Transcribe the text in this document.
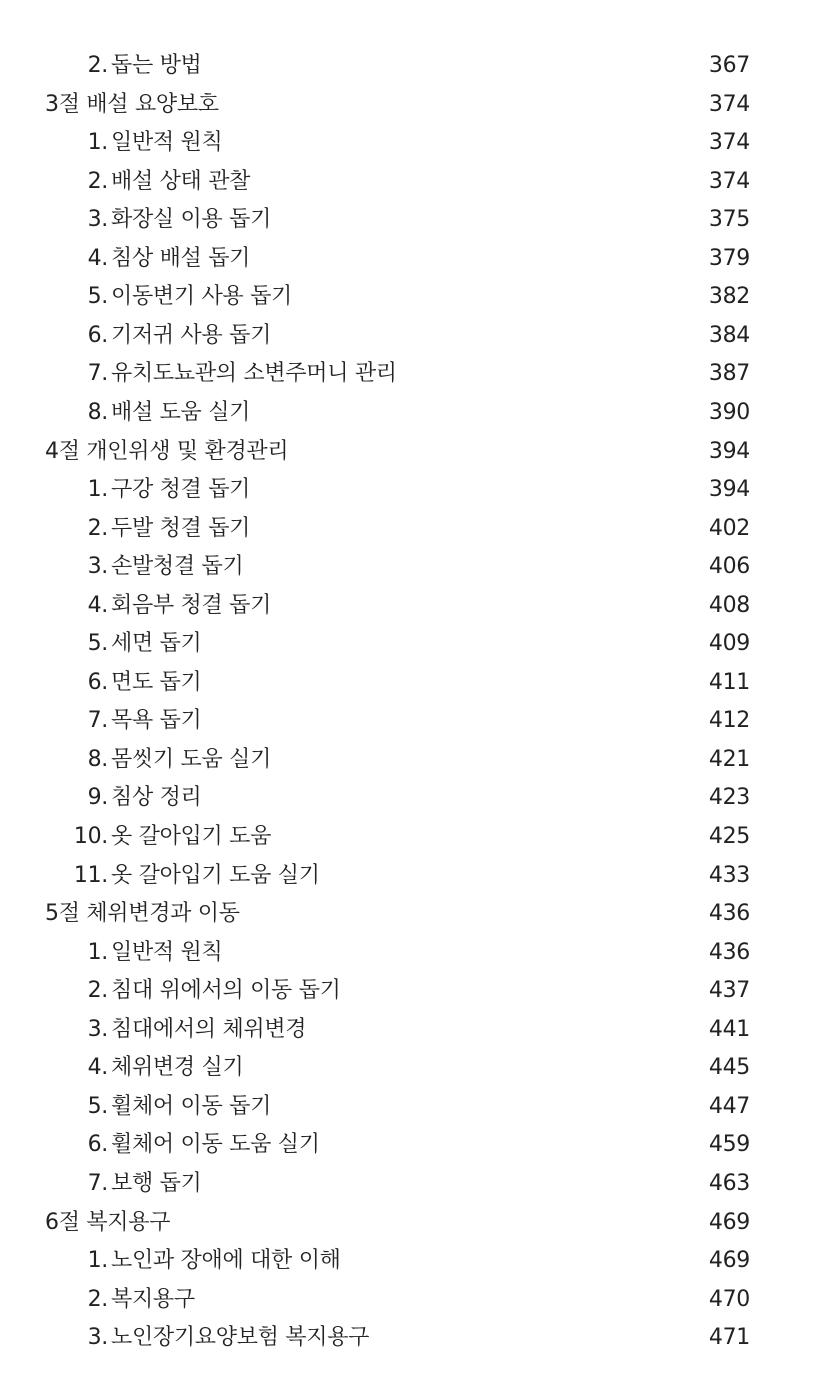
2. 돕는 방법	367
3절 배설 요양보호	374
1. 일반적 원칙	374
2. 배설 상태 관찰	374
3. 화장실 이용 돕기	375
4. 침상 배설 돕기	379
5. 이동변기 사용 돕기	382
6. 기저귀 사용 돕기	384
7. 유치도뇨관의 소변주머니 관리	387
8. 배설 도움 실기	390
4절 개인위생 및 환경관리	394
1. 구강 청결 돕기	394
2. 두발 청결 돕기	402
3. 손발청결 돕기	406
4. 회음부 청결 돕기	408
5. 세면 돕기	409
6. 면도 돕기	411
7. 목욕 돕기	412
8. 몸씻기 도움 실기	421
9. 침상 정리	423
10. 옷 갈아입기 도움	425
11. 옷 갈아입기 도움 실기	433
5절 체위변경과 이동	436
1. 일반적 원칙	436
2. 침대 위에서의 이동 돕기	437
3. 침대에서의 체위변경	441
4. 체위변경 실기	445
5. 휠체어 이동 돕기	447
6. 휠체어 이동 도움 실기	459
7. 보행 돕기	463
6절 복지용구	469
1. 노인과 장애에 대한 이해	469
2. 복지용구	470
3. 노인장기요양보험 복지용구	471
